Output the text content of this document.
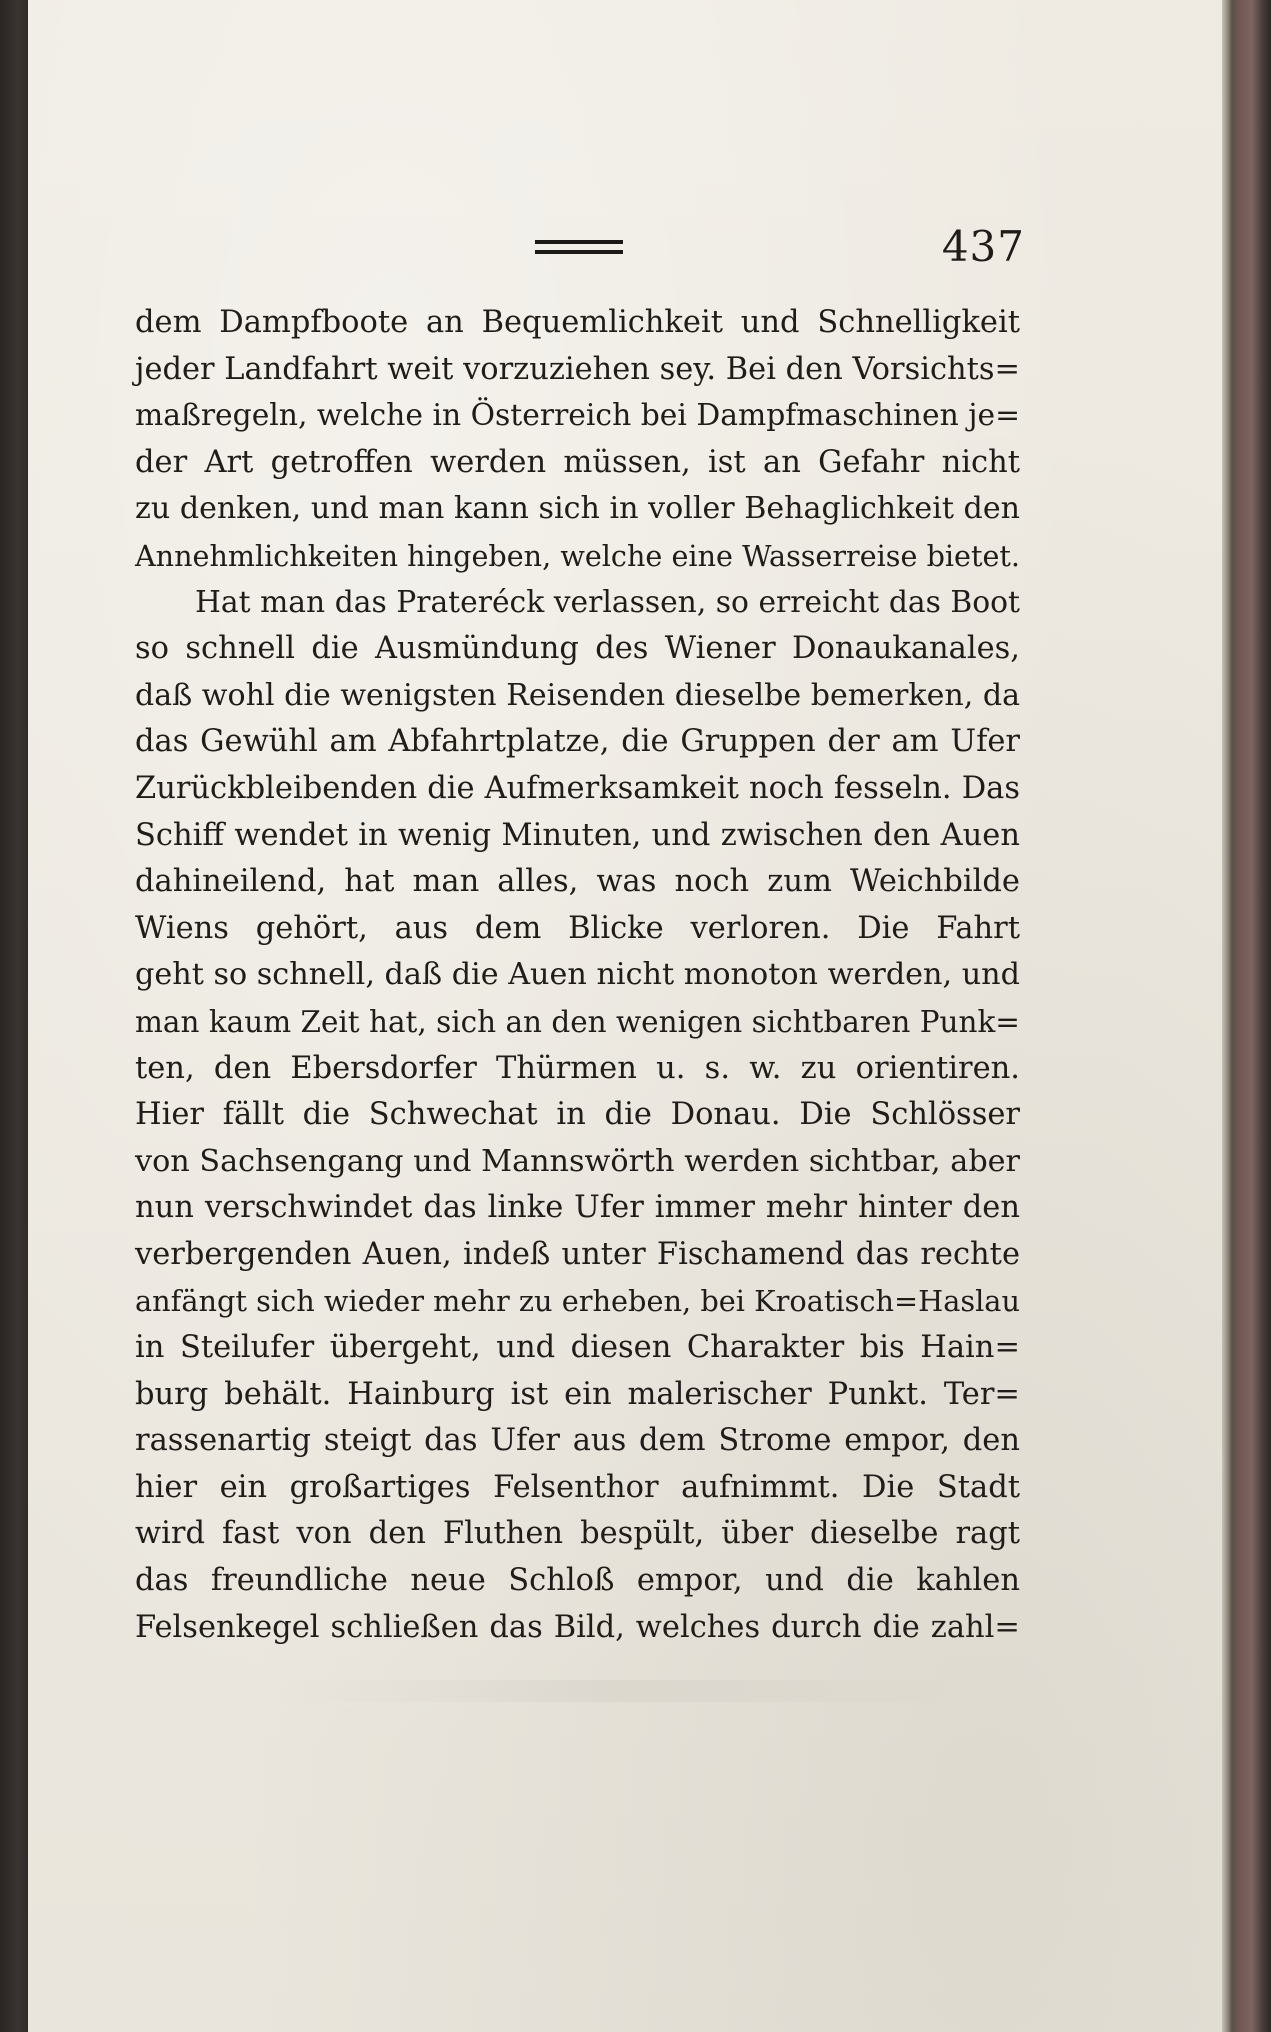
437
dem Dampfboote an Bequemlichkeit und Schnelligkeit
jeder Landfahrt weit vorzuziehen sey. Bei den Vorsichts=
maßregeln, welche in Österreich bei Dampfmaschinen je=
der Art getroffen werden müssen, ist an Gefahr nicht
zu denken, und man kann sich in voller Behaglichkeit den
Annehmlichkeiten hingeben, welche eine Wasserreise bietet.
Hat man das Prateréck verlassen, so erreicht das Boot
so schnell die Ausmündung des Wiener Donaukanales,
daß wohl die wenigsten Reisenden dieselbe bemerken, da
das Gewühl am Abfahrtplatze, die Gruppen der am Ufer
Zurückbleibenden die Aufmerksamkeit noch fesseln. Das
Schiff wendet in wenig Minuten, und zwischen den Auen
dahineilend, hat man alles, was noch zum Weichbilde
Wiens gehört, aus dem Blicke verloren. Die Fahrt
geht so schnell, daß die Auen nicht monoton werden, und
man kaum Zeit hat, sich an den wenigen sichtbaren Punk=
ten, den Ebersdorfer Thürmen u. s. w. zu orientiren.
Hier fällt die Schwechat in die Donau. Die Schlösser
von Sachsengang und Mannswörth werden sichtbar, aber
nun verschwindet das linke Ufer immer mehr hinter den
verbergenden Auen, indeß unter Fischamend das rechte
anfängt sich wieder mehr zu erheben, bei Kroatisch=Haslau
in Steilufer übergeht, und diesen Charakter bis Hain=
burg behält. Hainburg ist ein malerischer Punkt. Ter=
rassenartig steigt das Ufer aus dem Strome empor, den
hier ein großartiges Felsenthor aufnimmt. Die Stadt
wird fast von den Fluthen bespült, über dieselbe ragt
das freundliche neue Schloß empor, und die kahlen
Felsenkegel schließen das Bild, welches durch die zahl=
